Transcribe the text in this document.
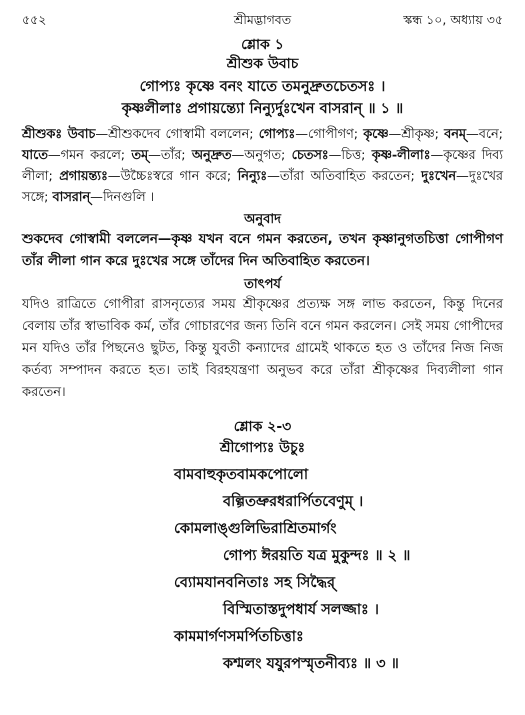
৫৫২	শ্রীমদ্ভাগবত	স্কন্ধ ১০, অধ্যায় ৩৫
শ্লোক ১
শ্রীশুক উবাচ
গোপ্যঃ কৃষ্ণে বনং যাতে তমনুদ্রুতচেতসঃ ।
কৃষ্ণলীলাঃ প্রগায়ন্ত্যো নিন্যুর্দুঃখেন বাসরান্ ॥ ১ ॥
শ্রীশুকঃ উবাচ—শ্রীশুকদেব গোস্বামী বললেন; গোপ্যঃ—গোপীগণ; কৃষ্ণে—শ্রীকৃষ্ণ; বনম্—বনে; যাতে—গমন করলে; তম্—তাঁর; অনুদ্রুত—অনুগত; চেতসঃ—চিত্ত; কৃষ্ণ-লীলাঃ—কৃষ্ণের দিব্য লীলা; প্রগায়ন্ত্যঃ—উচ্চৈঃস্বরে গান করে; নিন্যুঃ—তাঁরা অতিবাহিত করতেন; দুঃখেন—দুঃখের সঙ্গে; বাসরান্—দিনগুলি ।
অনুবাদ
শুকদেব গোস্বামী বললেন—কৃষ্ণ যখন বনে গমন করতেন, তখন কৃষ্ণানুগতচিত্তা গোপীগণ তাঁর লীলা গান করে দুঃখের সঙ্গে তাঁদের দিন অতিবাহিত করতেন।
তাৎপর্য
যদিও রাত্রিতে গোপীরা রাসনৃত্যের সময় শ্রীকৃষ্ণের প্রত্যক্ষ সঙ্গ লাভ করতেন, কিন্তু দিনের বেলায় তাঁর স্বাভাবিক কর্ম, তাঁর গোচারণের জন্য তিনি বনে গমন করলেন। সেই সময় গোপীদের মন যদিও তাঁর পিছনেও ছুটত, কিন্তু যুবতী কন্যাদের গ্রামেই থাকতে হত ও তাঁদের নিজ নিজ কর্তব্য সম্পাদন করতে হত। তাই বিরহযন্ত্রণা অনুভব করে তাঁরা শ্রীকৃষ্ণের দিব্যলীলা গান করতেন।
শ্লোক ২-৩
শ্রীগোপ্যঃ উচুঃ
বামবাহুকৃতবামকপোলো
বল্গিতভ্রুরধরার্পিতবেণুম্ ।
কোমলাঙ্গুলিভিরাশ্রিতমার্গং
গোপ্য ঈরয়তি যত্র মুকুন্দঃ ॥ ২ ॥
ব্যোমযানবনিতাঃ সহ সিদ্ধৈর্
বিস্মিতাস্তদুপধার্য সলজ্জাঃ ।
কামমার্গণসমর্পিতচিত্তাঃ
কশ্মলং যযুরপস্মৃতনীব্যঃ ॥ ৩ ॥
